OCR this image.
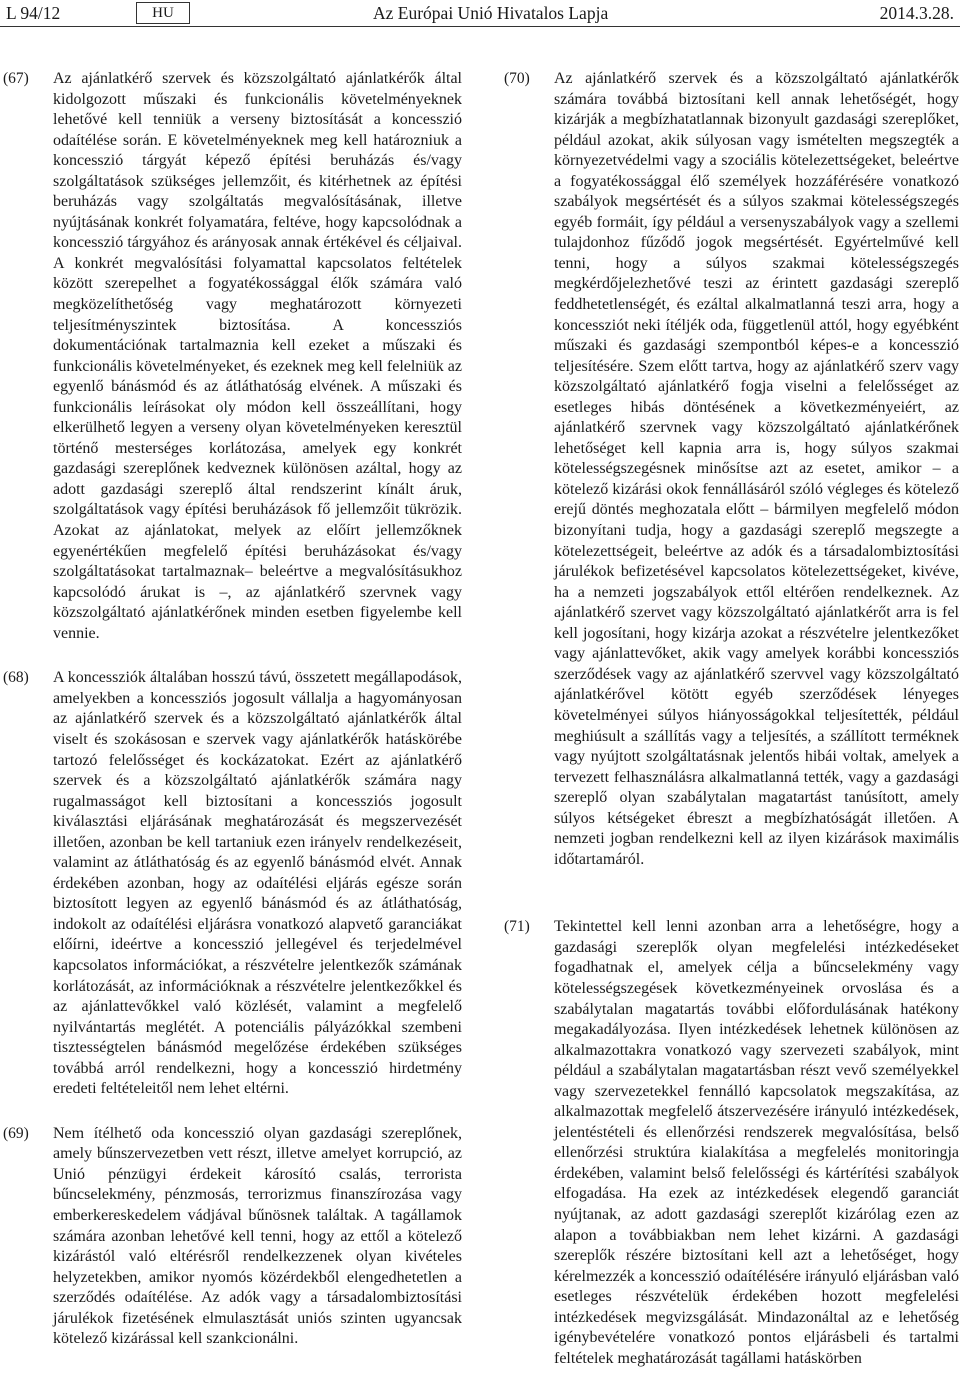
L 94/12	HU	Az Európai Unió Hivatalos Lapja	2014.3.28.
(67) Az ajánlatkérő szervek és közszolgáltató ajánlatkérők által kidolgozott műszaki és funkcionális követelményeknek lehetővé kell tenniük a verseny biztosítását a koncesszió odaítélése során. E követelményeknek meg kell határozniuk a koncesszió tárgyát képező építési beruházás és/vagy szolgáltatások szükséges jellemzőit, és kitérhetnek az építési beruházás vagy szolgáltatás megvalósításának, illetve nyújtásának konkrét folyamatára, feltéve, hogy kapcsolódnak a koncesszió tárgyához és arányosak annak értékével és céljaival. A konkrét megvalósítási folyamattal kapcsolatos feltételek között szerepelhet a fogyatékossággal élők számára való megközelíthetőség vagy meghatározott környezeti teljesítményszintek biztosítása. A koncessziós dokumentációnak tartalmaznia kell ezeket a műszaki és funkcionális követelményeket, és ezeknek meg kell felelniük az egyenlő bánásmód és az átláthatóság elvének. A műszaki és funkcionális leírásokat oly módon kell összeállítani, hogy elkerülhető legyen a verseny olyan követelményeken keresztül történő mesterséges korlátozása, amelyek egy konkrét gazdasági szereplőnek kedveznek különösen azáltal, hogy az adott gazdasági szereplő által rendszerint kínált áruk, szolgáltatások vagy építési beruházások fő jellemzőit tükrözik. Azokat az ajánlatokat, melyek az előírt jellemzőknek egyenértékűen megfelelő építési beruházásokat és/vagy szolgáltatásokat tartalmaznak– beleértve a megvalósításukhoz kapcsolódó árukat is –, az ajánlatkérő szervnek vagy közszolgáltató ajánlatkérőnek minden esetben figyelembe kell vennie.

(68) A koncessziók általában hosszú távú, összetett megállapodások, amelyekben a koncessziós jogosult vállalja a hagyományosan az ajánlatkérő szervek és a közszolgáltató ajánlatkérők által viselt és szokásosan e szervek vagy ajánlatkérők hatáskörébe tartozó felelősséget és kockázatokat. Ezért az ajánlatkérő szervek és a közszolgáltató ajánlatkérők számára nagy rugalmasságot kell biztosítani a koncessziós jogosult kiválasztási eljárásának meghatározását és megszervezését illetően, azonban be kell tartaniuk ezen irányelv rendelkezéseit, valamint az átláthatóság és az egyenlő bánásmód elvét. Annak érdekében azonban, hogy az odaítélési eljárás egésze során biztosított legyen az egyenlő bánásmód és az átláthatóság, indokolt az odaítélési eljárásra vonatkozó alapvető garanciákat előírni, ideértve a koncesszió jellegével és terjedelmével kapcsolatos információkat, a részvételre jelentkezők számának korlátozását, az információknak a részvételre jelentkezőkkel és az ajánlattevőkkel való közlését, valamint a megfelelő nyilvántartás meglétét. A potenciális pályázókkal szembeni tisztességtelen bánásmód megelőzése érdekében szükséges továbbá arról rendelkezni, hogy a koncesszió hirdetmény eredeti feltételeitől nem lehet eltérni.

(69) Nem ítélhető oda koncesszió olyan gazdasági szereplőnek, amely bűnszervezetben vett részt, illetve amelyet korrupció, az Unió pénzügyi érdekeit károsító csalás, terrorista bűncselekmény, pénzmosás, terrorizmus finanszírozása vagy emberkereskedelem vádjával bűnösnek találtak. A tagállamok számára azonban lehetővé kell tenni, hogy az ettől a kötelező kizárástól való eltérésről rendelkezzenek olyan kivételes helyzetekben, amikor nyomós közérdekből elengedhetetlen a szerződés odaítélése. Az adók vagy a társadalombiztosítási járulékok fizetésének elmulasztását uniós szinten ugyancsak kötelező kizárással kell szankcionálni.

(70) Az ajánlatkérő szervek és a közszolgáltató ajánlatkérők számára továbbá biztosítani kell annak lehetőségét, hogy kizárják a megbízhatatlannak bizonyult gazdasági szereplőket, például azokat, akik súlyosan vagy ismételten megszegték a környezetvédelmi vagy a szociális kötelezettségeket, beleértve a fogyatékossággal élő személyek hozzáférésére vonatkozó szabályok megsértését és a súlyos szakmai kötelességszegés egyéb formáit, így például a versenyszabályok vagy a szellemi tulajdonhoz fűződő jogok megsértését. Egyértelművé kell tenni, hogy a súlyos szakmai kötelességszegés megkérdőjelezhetővé teszi az érintett gazdasági szereplő feddhetetlenségét, és ezáltal alkalmatlanná teszi arra, hogy a koncessziót neki ítéljék oda, függetlenül attól, hogy egyébként műszaki és gazdasági szempontból képes-e a koncesszió teljesítésére. Szem előtt tartva, hogy az ajánlatkérő szerv vagy közszolgáltató ajánlatkérő fogja viselni a felelősséget az esetleges hibás döntésének a következményeiért, az ajánlatkérő szervnek vagy közszolgáltató ajánlatkérőnek lehetőséget kell kapnia arra is, hogy súlyos szakmai kötelességszegésnek minősítse azt az esetet, amikor – a kötelező kizárási okok fennállásáról szóló végleges és kötelező erejű döntés meghozatala előtt – bármilyen megfelelő módon bizonyítani tudja, hogy a gazdasági szereplő megszegte a kötelezettségeit, beleértve az adók és a társadalombiztosítási járulékok befizetésével kapcsolatos kötelezettségeket, kivéve, ha a nemzeti jogszabályok ettől eltérően rendelkeznek. Az ajánlatkérő szervet vagy közszolgáltató ajánlatkérőt arra is fel kell jogosítani, hogy kizárja azokat a részvételre jelentkezőket vagy ajánlattevőket, akik vagy amelyek korábbi koncessziós szerződések vagy az ajánlatkérő szervvel vagy közszolgáltató ajánlatkérővel kötött egyéb szerződések lényeges követelményei súlyos hiányosságokkal teljesítették, például meghiúsult a szállítás vagy a teljesítés, a szállított terméknek vagy nyújtott szolgáltatásnak jelentős hibái voltak, amelyek a tervezett felhasználásra alkalmatlanná tették, vagy a gazdasági szereplő olyan szabálytalan magatartást tanúsított, amely súlyos kétségeket ébreszt a megbízhatóságát illetően. A nemzeti jogban rendelkezni kell az ilyen kizárások maximális időtartamáról.

(71) Tekintettel kell lenni azonban arra a lehetőségre, hogy a gazdasági szereplők olyan megfelelési intézkedéseket fogadhatnak el, amelyek célja a bűncselekmény vagy kötelességszegések következményeinek orvoslása és a szabálytalan magatartás további előfordulásának hatékony megakadályozása. Ilyen intézkedések lehetnek különösen az alkalmazottakra vonatkozó vagy szervezeti szabályok, mint például a szabálytalan magatartásban részt vevő személyekkel vagy szervezetekkel fennálló kapcsolatok megszakítása, az alkalmazottak megfelelő átszervezésére irányuló intézkedések, jelentéstételi és ellenőrzési rendszerek megvalósítása, belső ellenőrzési struktúra kialakítása a megfelelés monitoringja érdekében, valamint belső felelősségi és kártérítési szabályok elfogadása. Ha ezek az intézkedések elegendő garanciát nyújtanak, az adott gazdasági szereplőt kizárólag ezen az alapon a továbbiakban nem lehet kizárni. A gazdasági szereplők részére biztosítani kell azt a lehetőséget, hogy kérelmezzék a koncesszió odaítélésére irányuló eljárásban való esetleges részvételük érdekében hozott megfelelési intézkedések megvizsgálását. Mindazonáltal az e lehetőség igénybevételére vonatkozó pontos eljárásbeli és tartalmi feltételek meghatározását tagállami hatáskörben
